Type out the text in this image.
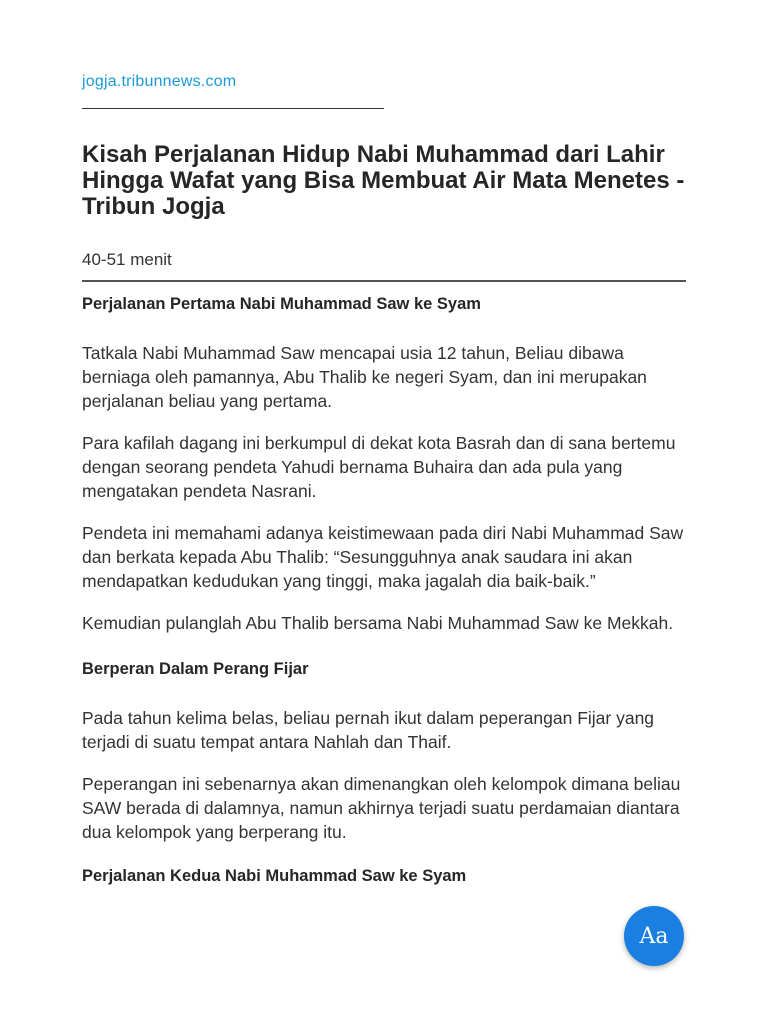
jogja.tribunnews.com
Kisah Perjalanan Hidup Nabi Muhammad dari Lahir Hingga Wafat yang Bisa Membuat Air Mata Menetes - Tribun Jogja
40-51 menit
Perjalanan Pertama Nabi Muhammad Saw ke Syam

Tatkala Nabi Muhammad Saw mencapai usia 12 tahun, Beliau dibawa berniaga oleh pamannya, Abu Thalib ke negeri Syam, dan ini merupakan perjalanan beliau yang pertama.

Para kafilah dagang ini berkumpul di dekat kota Basrah dan di sana bertemu dengan seorang pendeta Yahudi bernama Buhaira dan ada pula yang mengatakan pendeta Nasrani.

Pendeta ini memahami adanya keistimewaan pada diri Nabi Muhammad Saw dan berkata kepada Abu Thalib: “Sesungguhnya anak saudara ini akan mendapatkan kedudukan yang tinggi, maka jagalah dia baik-baik.”

Kemudian pulanglah Abu Thalib bersama Nabi Muhammad Saw ke Mekkah.

Berperan Dalam Perang Fijar

Pada tahun kelima belas, beliau pernah ikut dalam peperangan Fijar yang terjadi di suatu tempat antara Nahlah dan Thaif.

Peperangan ini sebenarnya akan dimenangkan oleh kelompok dimana beliau SAW berada di dalamnya, namun akhirnya terjadi suatu perdamaian diantara dua kelompok yang berperang itu.

Perjalanan Kedua Nabi Muhammad Saw ke Syam
Aa
